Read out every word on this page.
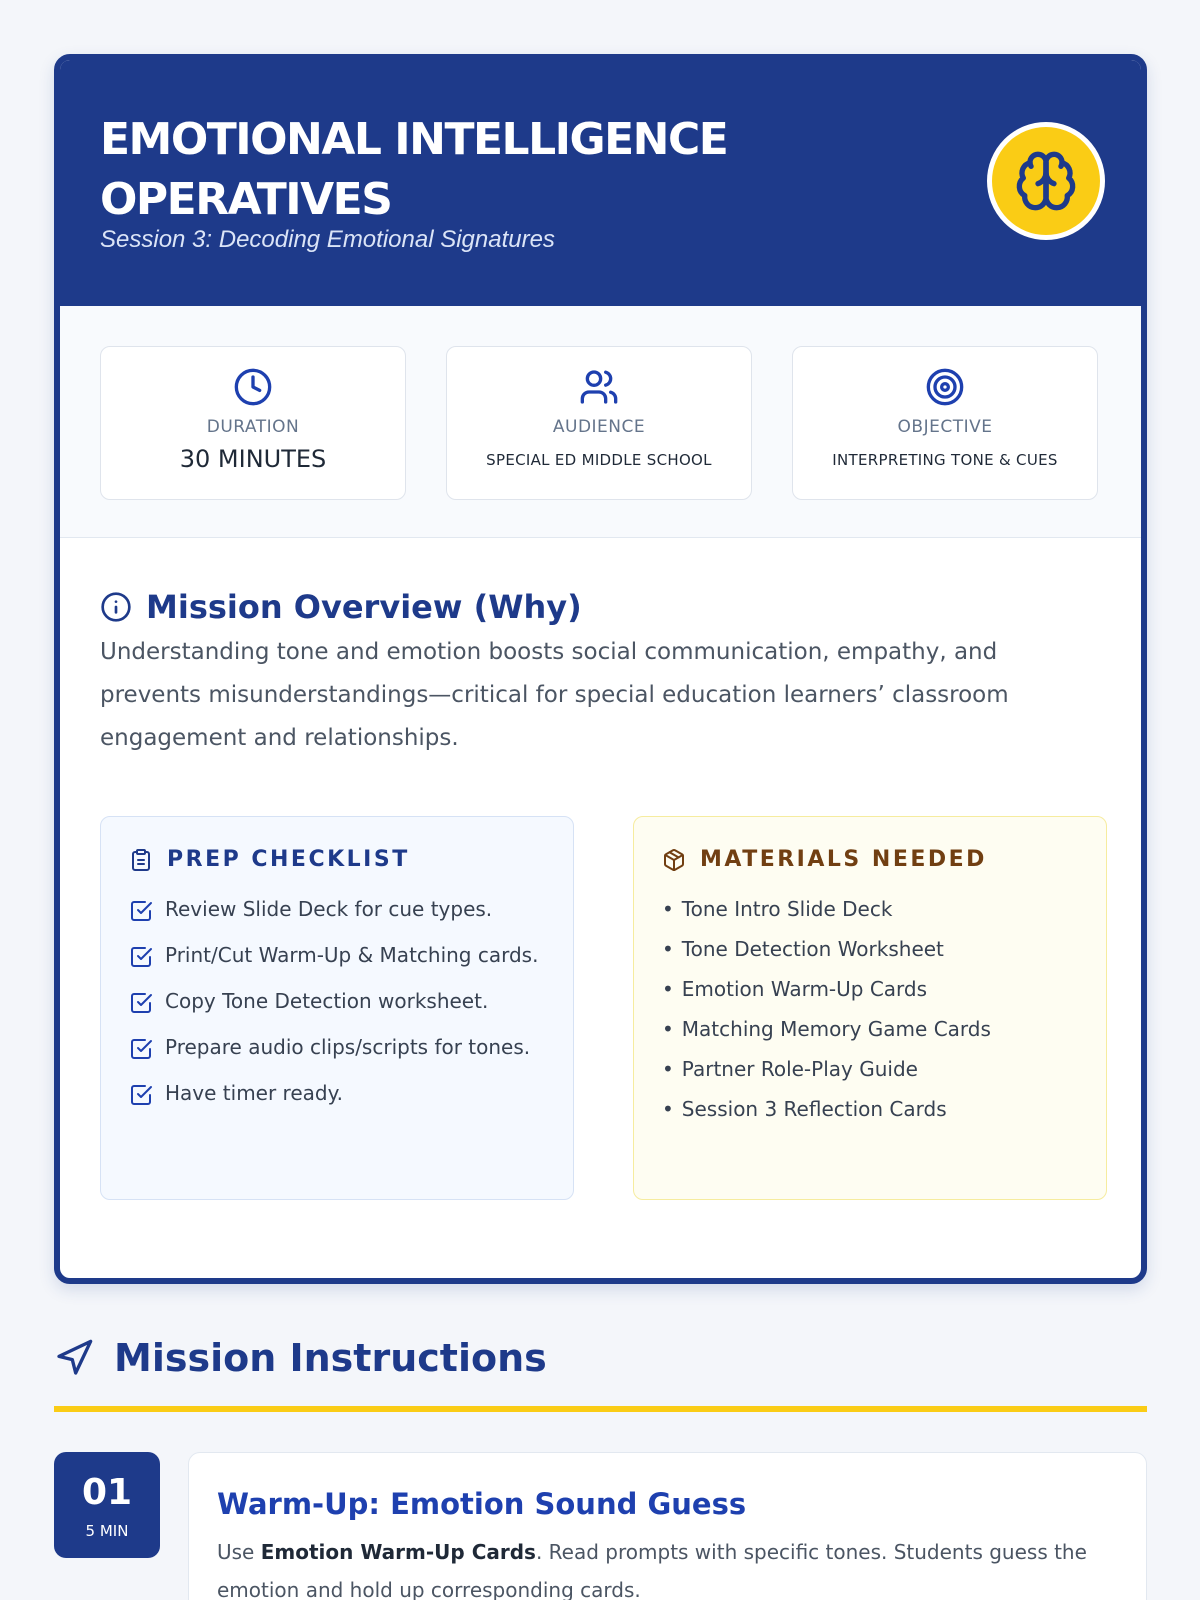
EMOTIONAL INTELLIGENCE OPERATIVES
Session 3: Decoding Emotional Signatures
DURATION
30 MINUTES
AUDIENCE
SPECIAL ED MIDDLE SCHOOL
OBJECTIVE
INTERPRETING TONE & CUES
Mission Overview (Why)
Understanding tone and emotion boosts social communication, empathy, and prevents misunderstandings—critical for special education learners’ classroom engagement and relationships.
PREP CHECKLIST
Review Slide Deck for cue types.
Print/Cut Warm-Up & Matching cards.
Copy Tone Detection worksheet.
Prepare audio clips/scripts for tones.
Have timer ready.
MATERIALS NEEDED
• Tone Intro Slide Deck
• Tone Detection Worksheet
• Emotion Warm-Up Cards
• Matching Memory Game Cards
• Partner Role-Play Guide
• Session 3 Reflection Cards
Mission Instructions
01
5 MIN
Warm-Up: Emotion Sound Guess
Use Emotion Warm-Up Cards. Read prompts with specific tones. Students guess the emotion and hold up corresponding cards.
